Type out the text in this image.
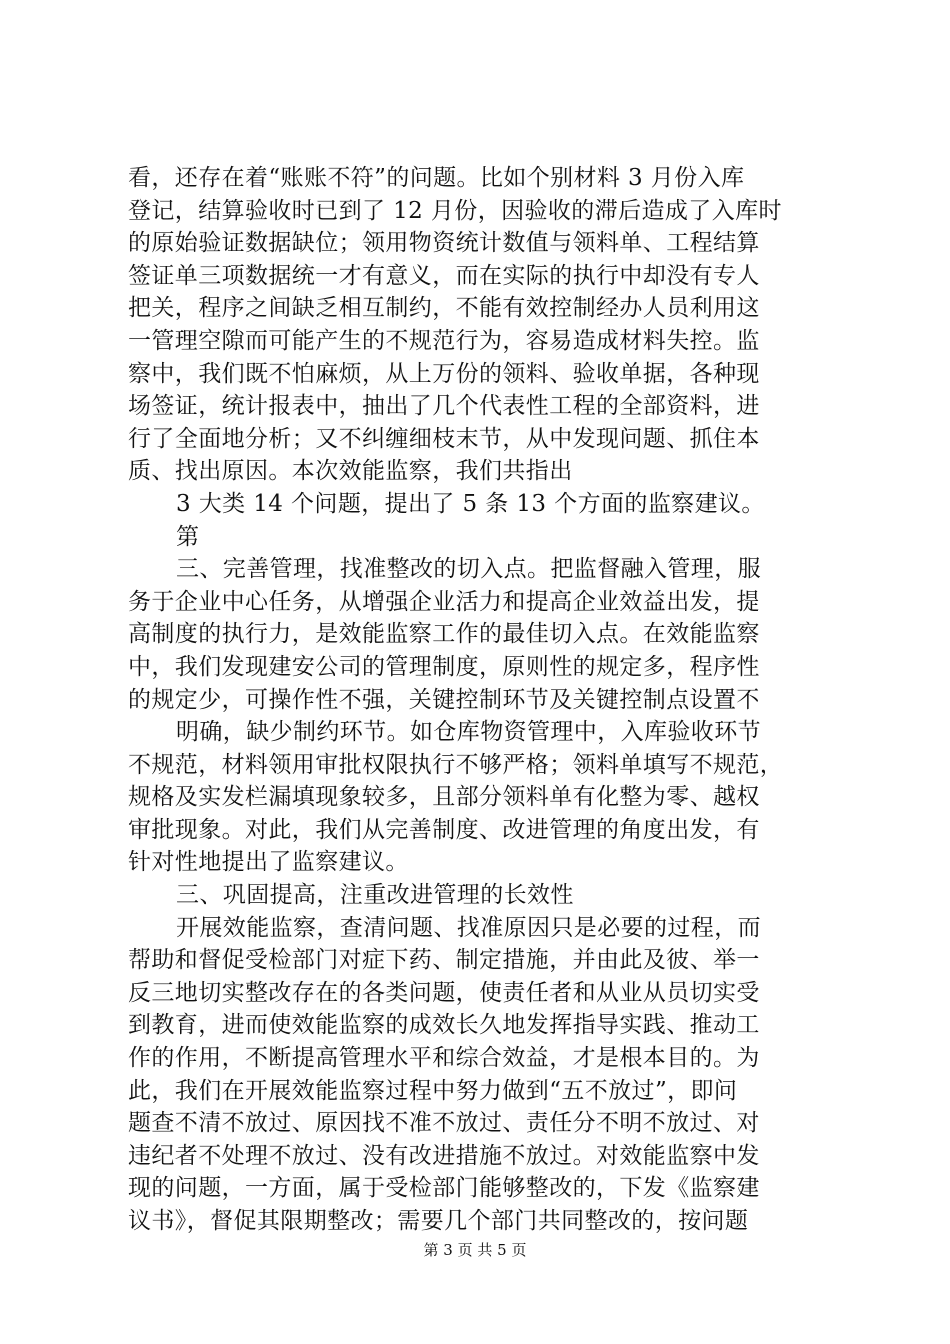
看，还存在着“账账不符”的问题。比如个别材料 3 月份入库
登记，结算验收时已到了 12 月份，因验收的滞后造成了入库时
的原始验证数据缺位；领用物资统计数值与领料单、工程结算
签证单三项数据统一才有意义，而在实际的执行中却没有专人
把关，程序之间缺乏相互制约，不能有效控制经办人员利用这
一管理空隙而可能产生的不规范行为，容易造成材料失控。监
察中，我们既不怕麻烦，从上万份的领料、验收单据，各种现
场签证，统计报表中，抽出了几个代表性工程的全部资料，进
行了全面地分析；又不纠缠细枝末节，从中发现问题、抓住本
质、找出原因。本次效能监察，我们共指出
3 大类 14 个问题，提出了 5 条 13 个方面的监察建议。
第
三、完善管理，找准整改的切入点。把监督融入管理，服
务于企业中心任务，从增强企业活力和提高企业效益出发，提
高制度的执行力，是效能监察工作的最佳切入点。在效能监察
中，我们发现建安公司的管理制度，原则性的规定多，程序性
的规定少，可操作性不强，关键控制环节及关键控制点设置不
明确，缺少制约环节。如仓库物资管理中，入库验收环节
不规范，材料领用审批权限执行不够严格；领料单填写不规范，
规格及实发栏漏填现象较多，且部分领料单有化整为零、越权
审批现象。对此，我们从完善制度、改进管理的角度出发，有
针对性地提出了监察建议。
三、巩固提高，注重改进管理的长效性
开展效能监察，查清问题、找准原因只是必要的过程，而
帮助和督促受检部门对症下药、制定措施，并由此及彼、举一
反三地切实整改存在的各类问题，使责任者和从业从员切实受
到教育，进而使效能监察的成效长久地发挥指导实践、推动工
作的作用，不断提高管理水平和综合效益，才是根本目的。为
此，我们在开展效能监察过程中努力做到“五不放过”，即问
题查不清不放过、原因找不准不放过、责任分不明不放过、对
违纪者不处理不放过、没有改进措施不放过。对效能监察中发
现的问题，一方面，属于受检部门能够整改的，下发《监察建
议书》，督促其限期整改；需要几个部门共同整改的，按问题
第 3 页 共 5 页
